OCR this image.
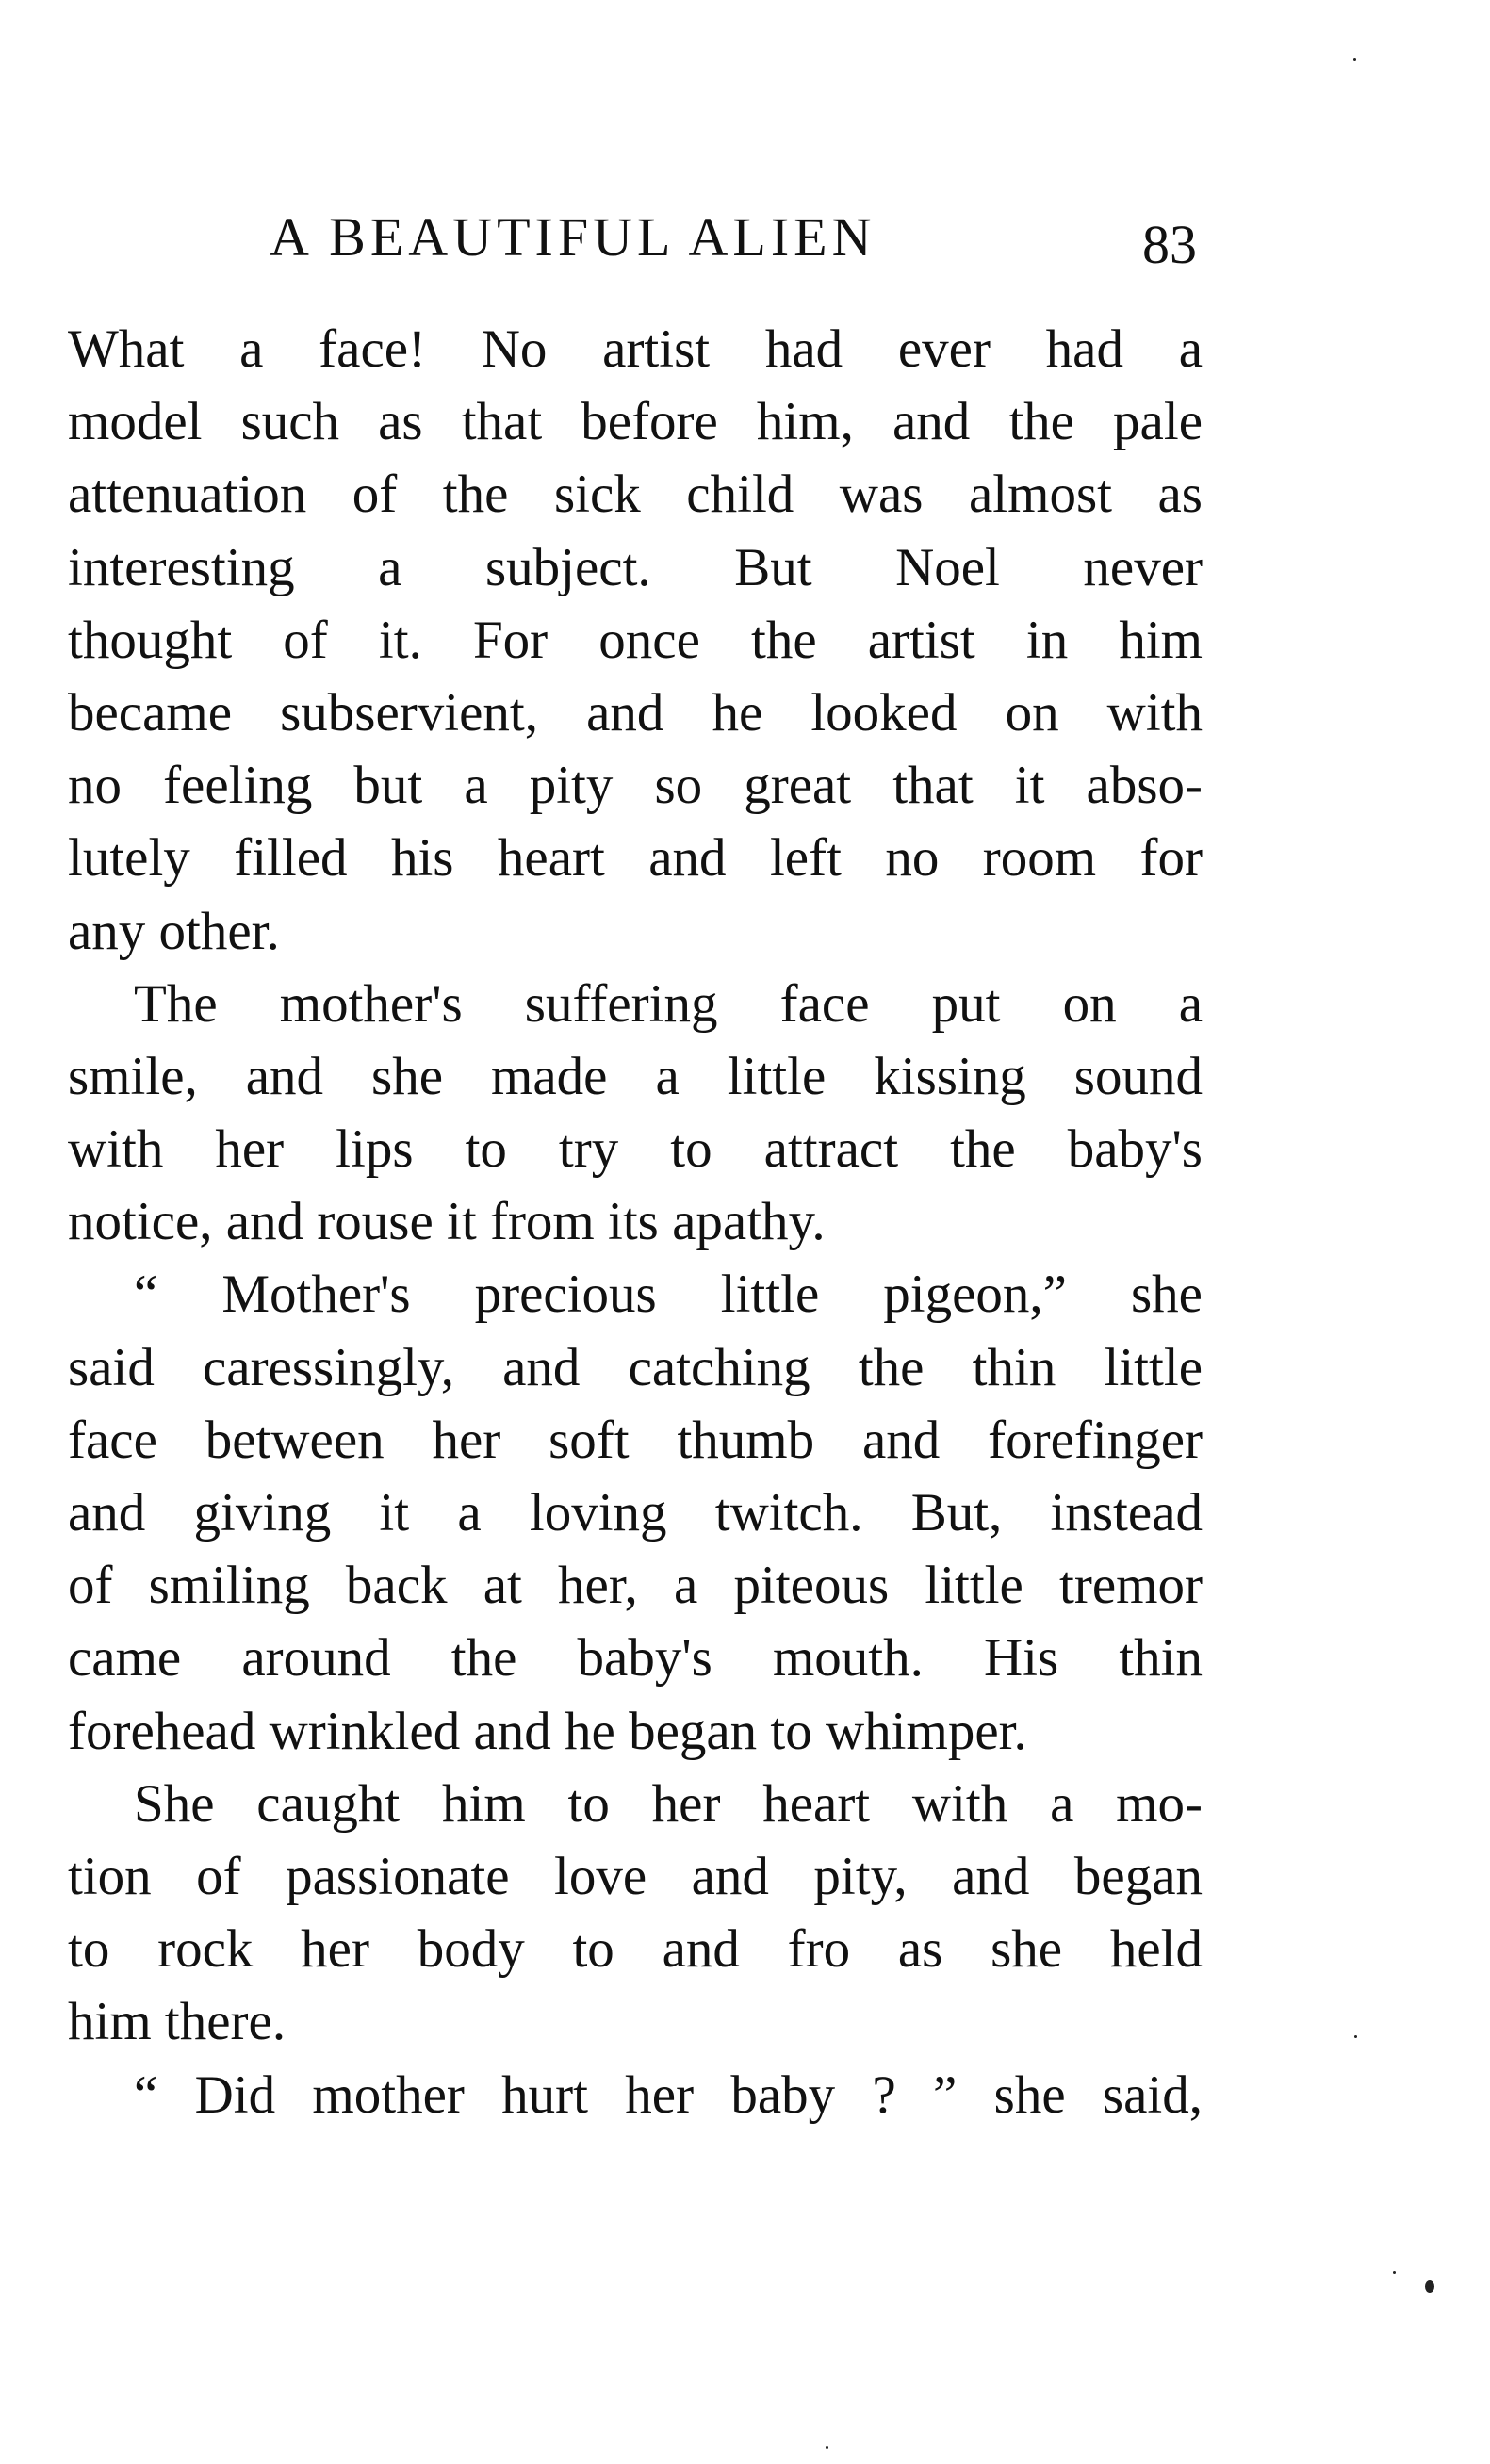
A BEAUTIFUL ALIEN	83
What a face! No artist had ever had a
model such as that before him, and the pale
attenuation of the sick child was almost as
interesting a subject. But Noel never
thought of it. For once the artist in him
became subservient, and he looked on with
no feeling but a pity so great that it abso-
lutely filled his heart and left no room for
any other.
The mother's suffering face put on a
smile, and she made a little kissing sound
with her lips to try to attract the baby's
notice, and rouse it from its apathy.
“ Mother's precious little pigeon,” she
said caressingly, and catching the thin little
face between her soft thumb and forefinger
and giving it a loving twitch. But, instead
of smiling back at her, a piteous little tremor
came around the baby's mouth. His thin
forehead wrinkled and he began to whimper.
She caught him to her heart with a mo-
tion of passionate love and pity, and began
to rock her body to and fro as she held
him there.
“ Did mother hurt her baby ? ” she said,
